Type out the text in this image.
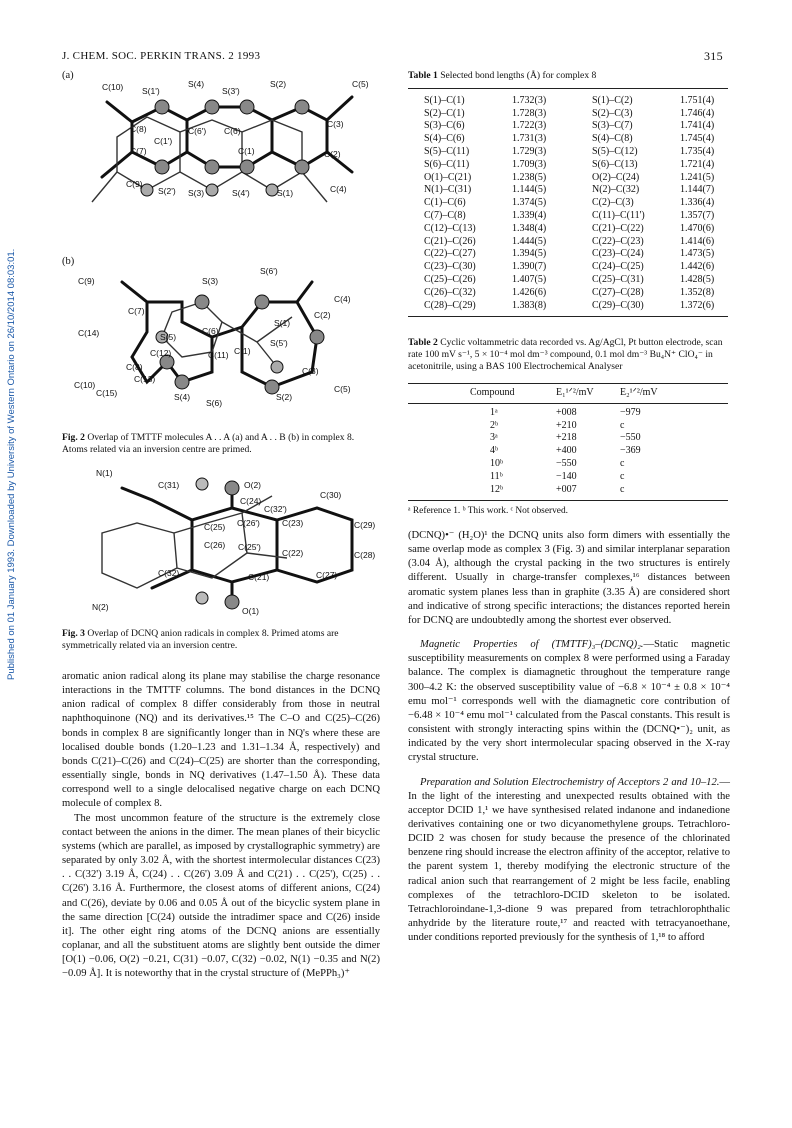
Published on 01 January 1993. Downloaded by University of Western Ontario on 26/10/2014 08:03:01.
J. CHEM. SOC. PERKIN TRANS. 2 1993	315
(a)
C(10) S(1')
S(4)
S(3')
S(2)	C(5)
C(8)
C(1')
C(6') C(6)
C(3)
C(7)	C(1)	C(2)
C(9)
S(2') S(3)	S(4')	S(1)	C(4)
(b)
C(9)	S(3)
S(6')
C(4)
C(7)	C(2)
S(1)
C(14)	S(5)
C(6)
C(12)	C(11) C(1)
S(5')
C(8)
C(13)
C(3)
C(10)
S(4)
S(6)
S(2)
C(5)
C(15)
Fig. 2 Overlap of TMTTF molecules A . . A (a) and A . . B (b) in complex 8. Atoms related via an inversion centre are primed.
N(1)
O(2)
C(31)
C(24)
C(32')
C(30)
C(25) C(26')	C(23)	C(29)
C(26) C(25')
C(22)	C(28)
C(32)	C(21)	C(27)
N(2)	O(1)
Fig. 3 Overlap of DCNQ anion radicals in complex 8. Primed atoms are symmetrically related via an inversion centre.

aromatic anion radical along its plane may stabilise the charge resonance interactions in the TMTTF columns. The bond distances in the DCNQ anion radical of complex 8 differ considerably from those in neutral naphthoquinone (NQ) and its derivatives.¹⁵ The C–O and C(25)–C(26) bonds in complex 8 are significantly longer than in NQ's where these are localised double bonds (1.20–1.23 and 1.31–1.34 Å, respectively) and bonds C(21)–C(26) and C(24)–C(25) are shorter than the corresponding, essentially single, bonds in NQ derivatives (1.47–1.50 Å). These data correspond well to a single delocalised negative charge on each DCNQ molecule of complex 8.

The most uncommon feature of the structure is the extremely close contact between the anions in the dimer. The mean planes of their bicyclic systems (which are parallel, as imposed by crystallographic symmetry) are separated by only 3.02 Å, with the shortest intermolecular distances C(23) . . C(32') 3.19 Å, C(24) . . C(26') 3.09 Å and C(21) . . C(25'), C(25) . . C(26') 3.16 Å. Furthermore, the closest atoms of different anions, C(24) and C(26), deviate by 0.06 and 0.05 Å out of the bicyclic system plane in the same direction [C(24) outside the intradimer space and C(26) inside it]. The other eight ring atoms of the DCNQ anions are essentially coplanar, and all the substituent atoms are slightly bent outside the dimer [O(1) −0.06, O(2) −0.21, C(31) −0.07, C(32) −0.02, N(1) −0.35 and N(2) −0.09 Å]. It is noteworthy that in the crystal structure of (MePPh₃)⁺

Table 1 Selected bond lengths (Å) for complex 8
S(1)–C(1)	1.732(3)	S(1)–C(2)	1.751(4)
S(2)–C(1)	1.728(3)	S(2)–C(3)	1.746(4)
S(3)–C(6)	1.722(3)	S(3)–C(7)	1.741(4)
S(4)–C(6)	1.731(3)	S(4)–C(8)	1.745(4)
S(5)–C(11)	1.729(3)	S(5)–C(12)	1.735(4)
S(6)–C(11)	1.709(3)	S(6)–C(13)	1.721(4)
O(1)–C(21)	1.238(5)	O(2)–C(24)	1.241(5)
N(1)–C(31)	1.144(5)	N(2)–C(32)	1.144(7)
C(1)–C(6)	1.374(5)	C(2)–C(3)	1.336(4)
C(7)–C(8)	1.339(4)	C(11)–C(11')	1.357(7)
C(12)–C(13)	1.348(4)	C(21)–C(22)	1.470(6)
C(21)–C(26)	1.444(5)	C(22)–C(23)	1.414(6)
C(22)–C(27)	1.394(5)	C(23)–C(24)	1.473(5)
C(23)–C(30)	1.390(7)	C(24)–C(25)	1.442(6)
C(25)–C(26)	1.407(5)	C(25)–C(31)	1.428(5)
C(26)–C(32)	1.426(6)	C(27)–C(28)	1.352(8)
C(28)–C(29)	1.383(8)	C(29)–C(30)	1.372(6)
Table 2 Cyclic voltammetric data recorded vs. Ag/AgCl, Pt button electrode, scan rate 100 mV s⁻¹, 5 × 10⁻⁴ mol dm⁻³ compound, 0.1 mol dm⁻³ Bu₄N⁺ ClO₄⁻ in acetonitrile, using a BAS 100 Electrochemical Analyser
Compound	E₁¹ᐟ²/mV	E₂¹ᐟ²/mV
1ᵃ	+008	−979
2ᵇ	+210	c
3ᵃ	+218	−550
4ᵇ	+400	−369
10ᵇ	−550	c
11ᵇ	−140	c
12ᵇ	+007	c
ᵃ Reference 1. ᵇ This work. ᶜ Not observed.

(DCNQ)•⁻ (H₂O)¹ the DCNQ units also form dimers with essentially the same overlap mode as complex 3 (Fig. 3) and similar interplanar separation (3.04 Å), although the crystal packing in the two structures is entirely different. Usually in charge-transfer complexes,¹⁶ distances between aromatic system planes less than in graphite (3.35 Å) are considered short and indicative of strong specific interactions; the distances reported herein for DCNQ are undoubtedly among the shortest ever observed.

Magnetic Properties of (TMTTF)₃–(DCNQ)₂.—Static magnetic susceptibility measurements on complex 8 were performed using a Faraday balance. The complex is diamagnetic throughout the temperature range 300–4.2 K: the observed susceptibility value of −6.8 × 10⁻⁴ ± 0.8 × 10⁻⁴ emu mol⁻¹ corresponds well with the diamagnetic core contribution of −6.48 × 10⁻⁴ emu mol⁻¹ calculated from the Pascal constants. This result is consistent with strongly interacting spins within the (DCNQ•⁻)₂ unit, as indicated by the very short intermolecular spacing observed in the X-ray crystal structure.

Preparation and Solution Electrochemistry of Acceptors 2 and 10–12.—In the light of the interesting and unexpected results obtained with the acceptor DCID 1,¹ we have synthesised related indanone and indanedione derivatives containing one or two dicyanomethylene groups. Tetrachloro-DCID 2 was chosen for study because the presence of the chlorinated benzene ring should increase the electron affinity of the acceptor, relative to the parent system 1, thereby modifying the electronic structure of the radical anion such that rearrangement of 2 might be less facile, enabling complexes of the tetrachloro-DCID skeleton to be isolated. Tetrachloroindane-1,3-dione 9 was prepared from tetrachlorophthalic anhydride by the literature route,¹⁷ and reacted with tetracyanoethane, under conditions reported previously for the synthesis of 1,¹⁸ to afford
